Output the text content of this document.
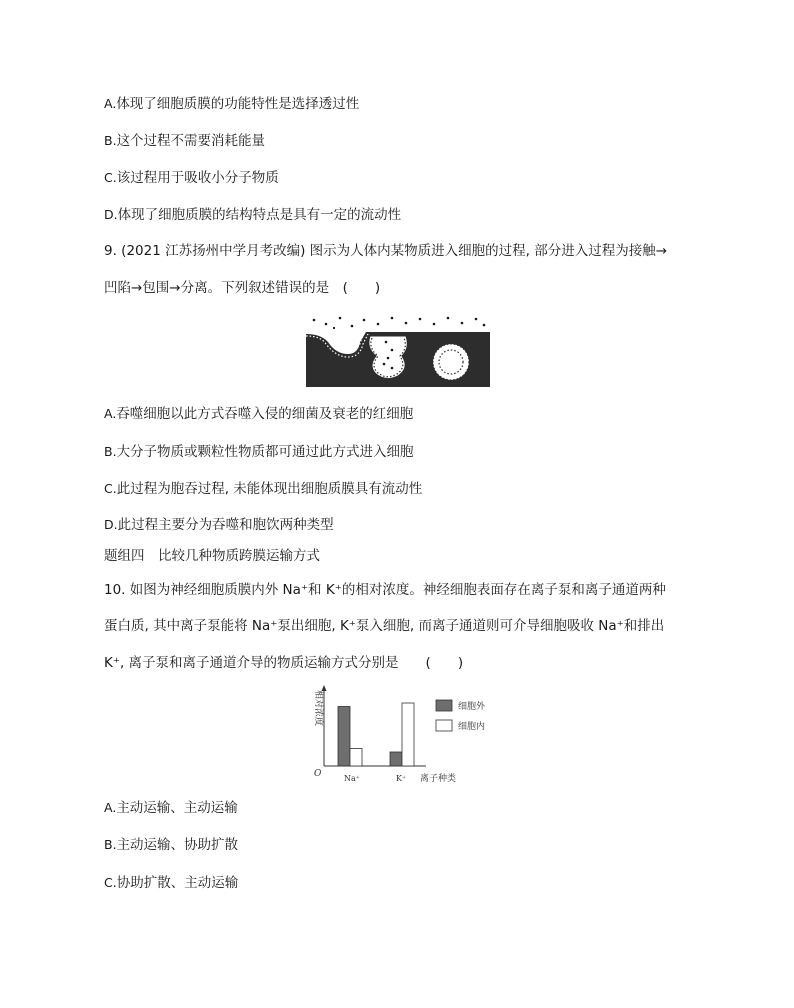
A.体现了细胞质膜的功能特性是选择透过性
B.这个过程不需要消耗能量
C.该过程用于吸收小分子物质
D.体现了细胞质膜的结构特点是具有一定的流动性
9. (2021 江苏扬州中学月考改编) 图示为人体内某物质进入细胞的过程, 部分进入过程为接触→
凹陷→包围→分离。下列叙述错误的是　(　　)
A.吞噬细胞以此方式吞噬入侵的细菌及衰老的红细胞
B.大分子物质或颗粒性物质都可通过此方式进入细胞
C.此过程为胞吞过程, 未能体现出细胞质膜具有流动性
D.此过程主要分为吞噬和胞饮两种类型
题组四　比较几种物质跨膜运输方式
10. 如图为神经细胞质膜内外 Na⁺和 K⁺的相对浓度。神经细胞表面存在离子泵和离子通道两种
蛋白质, 其中离子泵能将 Na⁺泵出细胞, K⁺泵入细胞, 而离子通道则可介导细胞吸收 Na⁺和排出
K⁺, 离子泵和离子通道介导的物质运输方式分别是　　(　　)
相对浓度
O	离子种类
Na⁺	K⁺
细胞外
细胞内
A.主动运输、主动运输
B.主动运输、协助扩散
C.协助扩散、主动运输
